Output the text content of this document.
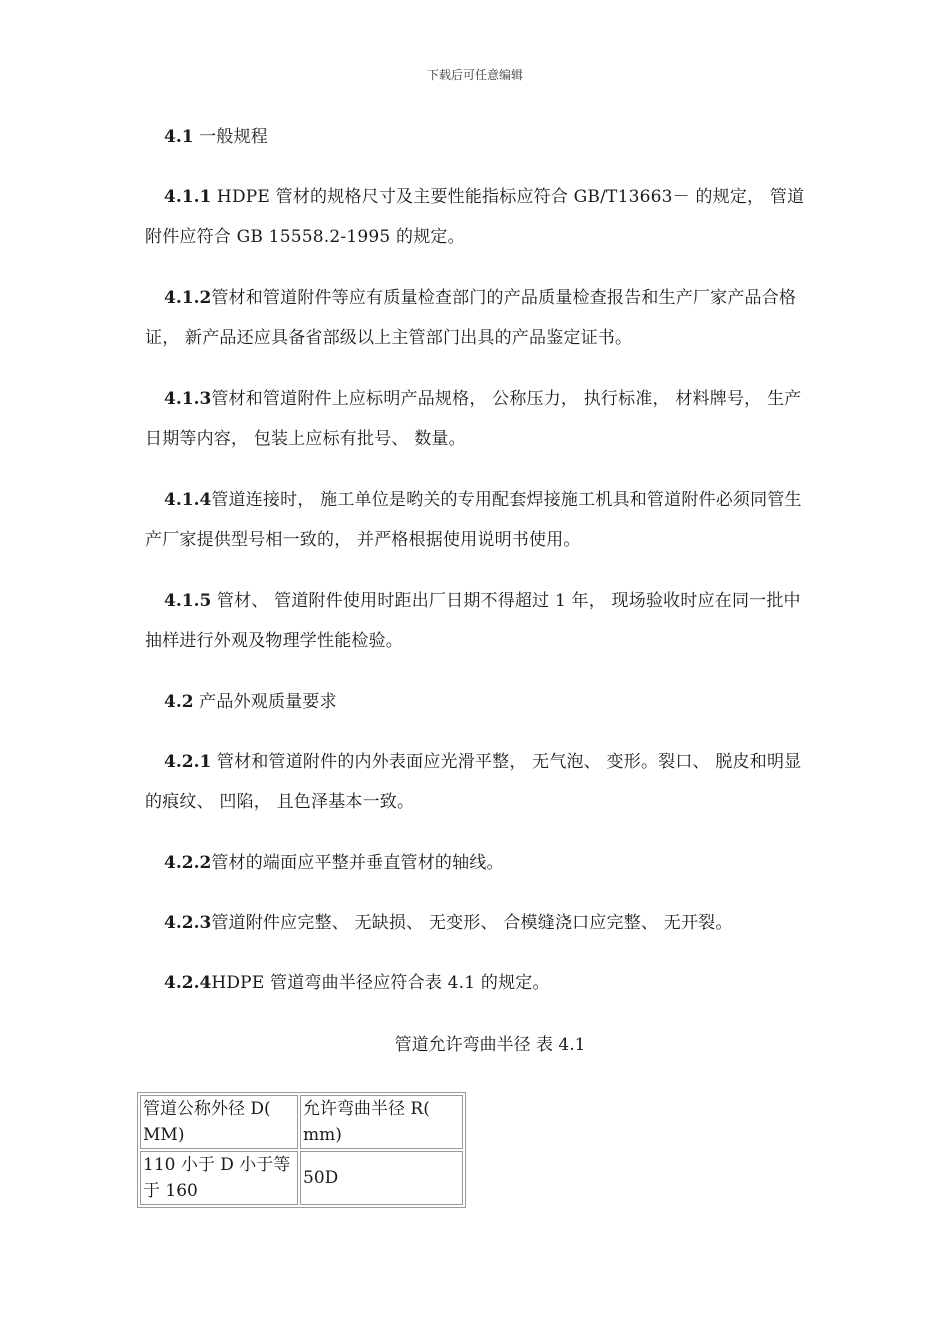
下载后可任意编辑
4.1 一般规程
4.1.1 HDPE 管材的规格尺寸及主要性能指标应符合 GB/T13663－ 的规定， 管道附件应符合 GB 15558.2-1995 的规定。
4.1.2管材和管道附件等应有质量检查部门的产品质量检查报告和生产厂家产品合格证， 新产品还应具备省部级以上主管部门出具的产品鉴定证书。
4.1.3管材和管道附件上应标明产品规格， 公称压力， 执行标准， 材料牌号， 生产日期等内容， 包装上应标有批号、 数量。
4.1.4管道连接时， 施工单位是哟关的专用配套焊接施工机具和管道附件必须同管生产厂家提供型号相一致的， 并严格根据使用说明书使用。
4.1.5 管材、 管道附件使用时距出厂日期不得超过 1 年， 现场验收时应在同一批中抽样进行外观及物理学性能检验。
4.2 产品外观质量要求
4.2.1 管材和管道附件的内外表面应光滑平整， 无气泡、 变形。裂口、 脱皮和明显的痕纹、 凹陷， 且色泽基本一致。
4.2.2管材的端面应平整并垂直管材的轴线。
4.2.3管道附件应完整、 无缺损、 无变形、 合模缝浇口应完整、 无开裂。
4.2.4HDPE 管道弯曲半径应符合表 4.1 的规定。
管道允许弯曲半径 表 4.1
管道公称外径 D( MM)	允许弯曲半径 R( mm)
110 小于 D 小于等于 160	50D
